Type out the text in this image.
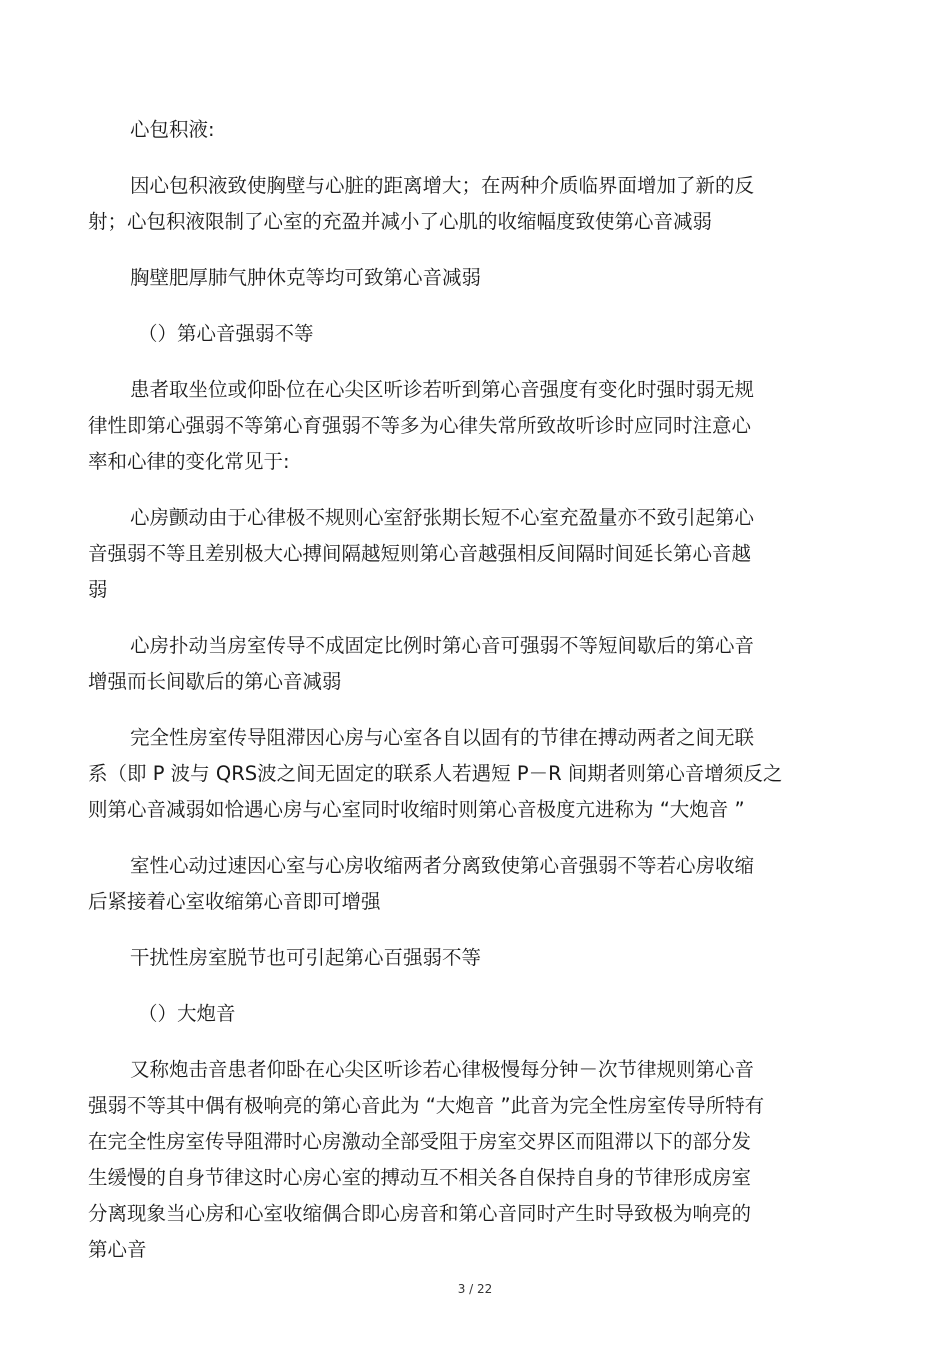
心包积液:
因心包积液致使胸壁与心脏的距离增大；在两种介质临界面增加了新的反
射；心包积液限制了心室的充盈并减小了心肌的收缩幅度致使第心音减弱
胸壁肥厚肺气肿休克等均可致第心音减弱
（）第心音强弱不等
患者取坐位或仰卧位在心尖区听诊若听到第心音强度有变化时强时弱无规
律性即第心强弱不等第心育强弱不等多为心律失常所致故听诊时应同时注意心
率和心律的变化常见于:
心房颤动由于心律极不规则心室舒张期长短不心室充盈量亦不致引起第心
音强弱不等且差别极大心搏间隔越短则第心音越强相反间隔时间延长第心音越
弱
心房扑动当房室传导不成固定比例时第心音可强弱不等短间歇后的第心音
增强而长间歇后的第心音减弱
完全性房室传导阻滞因心房与心室各自以固有的节律在搏动两者之间无联
系（即 P 波与 QRS波之间无固定的联系人若遇短 P－R 间期者则第心音增须反之
则第心音减弱如恰遇心房与心室同时收缩时则第心音极度亢进称为 “大炮音 ”
室性心动过速因心室与心房收缩两者分离致使第心音强弱不等若心房收缩
后紧接着心室收缩第心音即可增强
干扰性房室脱节也可引起第心百强弱不等
（）大炮音
又称炮击音患者仰卧在心尖区听诊若心律极慢每分钟－次节律规则第心音
强弱不等其中偶有极响亮的第心音此为 “大炮音 ”此音为完全性房室传导所特有
在完全性房室传导阻滞时心房激动全部受阻于房室交界区而阻滞以下的部分发
生缓慢的自身节律这时心房心室的搏动互不相关各自保持自身的节律形成房室
分离现象当心房和心室收缩偶合即心房音和第心音同时产生时导致极为响亮的
第心音
3 / 22
